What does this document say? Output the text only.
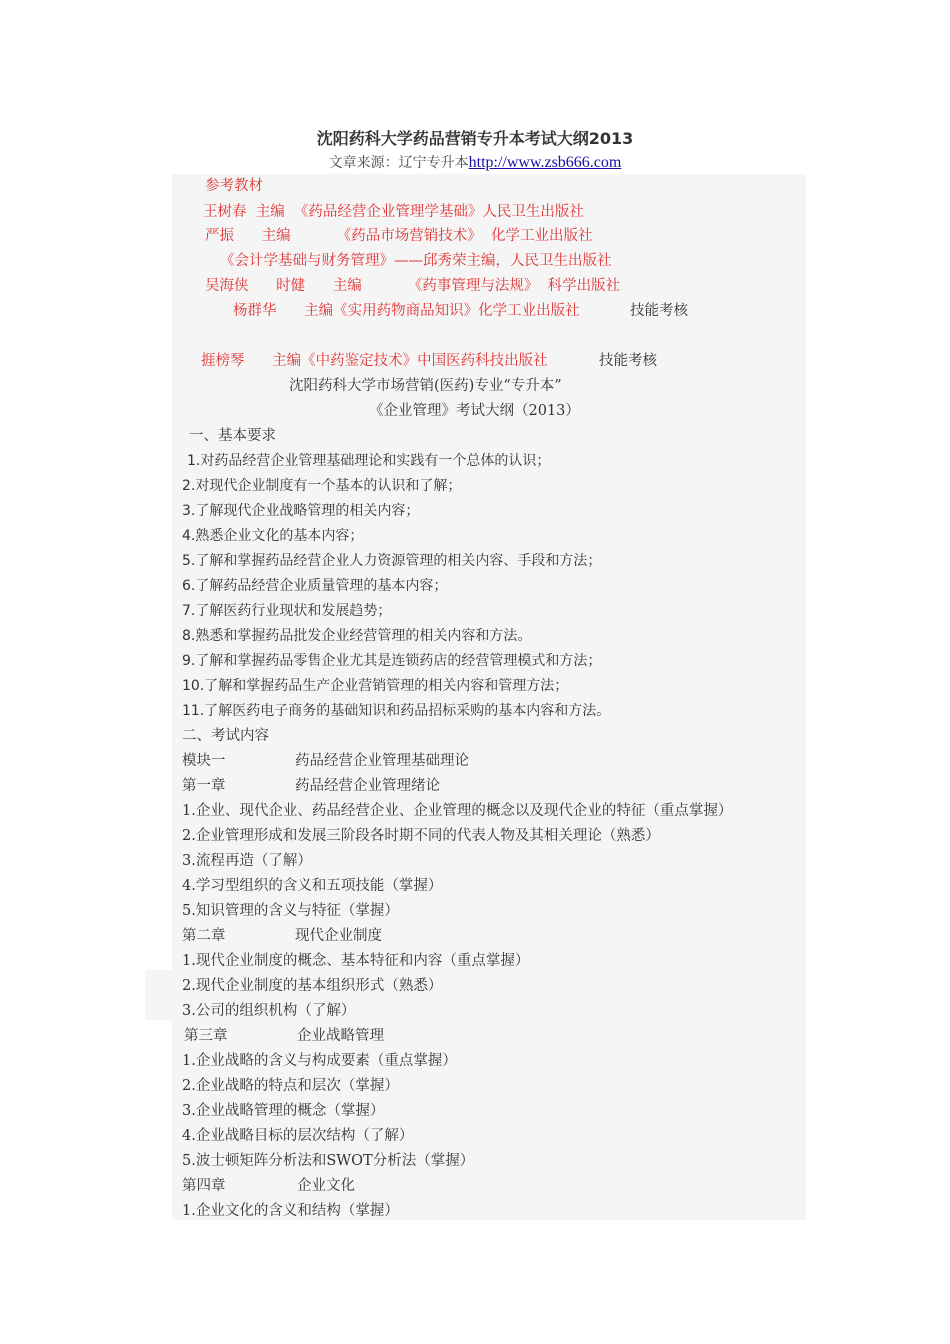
沈阳药科大学药品营销专升本考试大纲2013
文章来源：辽宁专升本http://www.zsb666.com
参考教材
王树春  主编  《药品经营企业管理学基础》人民卫生出版社
严振      主编          《药品市场营销技术》  化学工业出版社
《会计学基础与财务管理》——邱秀荣主编，人民卫生出版社
吴海侠      时健      主编          《药事管理与法规》  科学出版社
杨群华      主编《实用药物商品知识》化学工业出版社	技能考核
捱榜琴      主编《中药鉴定技术》中国医药科技出版社	技能考核
沈阳药科大学市场营销(医药)专业“专升本”
《企业管理》考试大纲（2013）
一、基本要求
1.对药品经营企业管理基础理论和实践有一个总体的认识；
2.对现代企业制度有一个基本的认识和了解；
3.了解现代企业战略管理的相关内容；
4.熟悉企业文化的基本内容；
5.了解和掌握药品经营企业人力资源管理的相关内容、手段和方法；
6.了解药品经营企业质量管理的基本内容；
7.了解医药行业现状和发展趋势；
8.熟悉和掌握药品批发企业经营管理的相关内容和方法。
9.了解和掌握药品零售企业尤其是连锁药店的经营管理模式和方法；
10.了解和掌握药品生产企业营销管理的相关内容和管理方法；
11.了解医药电子商务的基础知识和药品招标采购的基本内容和方法。
二、考试内容
模块一	药品经营企业管理基础理论
第一章	药品经营企业管理绪论
1.企业、现代企业、药品经营企业、企业管理的概念以及现代企业的特征（重点掌握）
2.企业管理形成和发展三阶段各时期不同的代表人物及其相关理论（熟悉）
3.流程再造（了解）
4.学习型组织的含义和五项技能（掌握）
5.知识管理的含义与特征（掌握）
第二章	现代企业制度
1.现代企业制度的概念、基本特征和内容（重点掌握）
2.现代企业制度的基本组织形式（熟悉）
3.公司的组织机构（了解）
第三章	企业战略管理
1.企业战略的含义与构成要素（重点掌握）
2.企业战略的特点和层次（掌握）
3.企业战略管理的概念（掌握）
4.企业战略目标的层次结构（了解）
5.波士顿矩阵分析法和SWOT分析法（掌握）
第四章	企业文化
1.企业文化的含义和结构（掌握）
